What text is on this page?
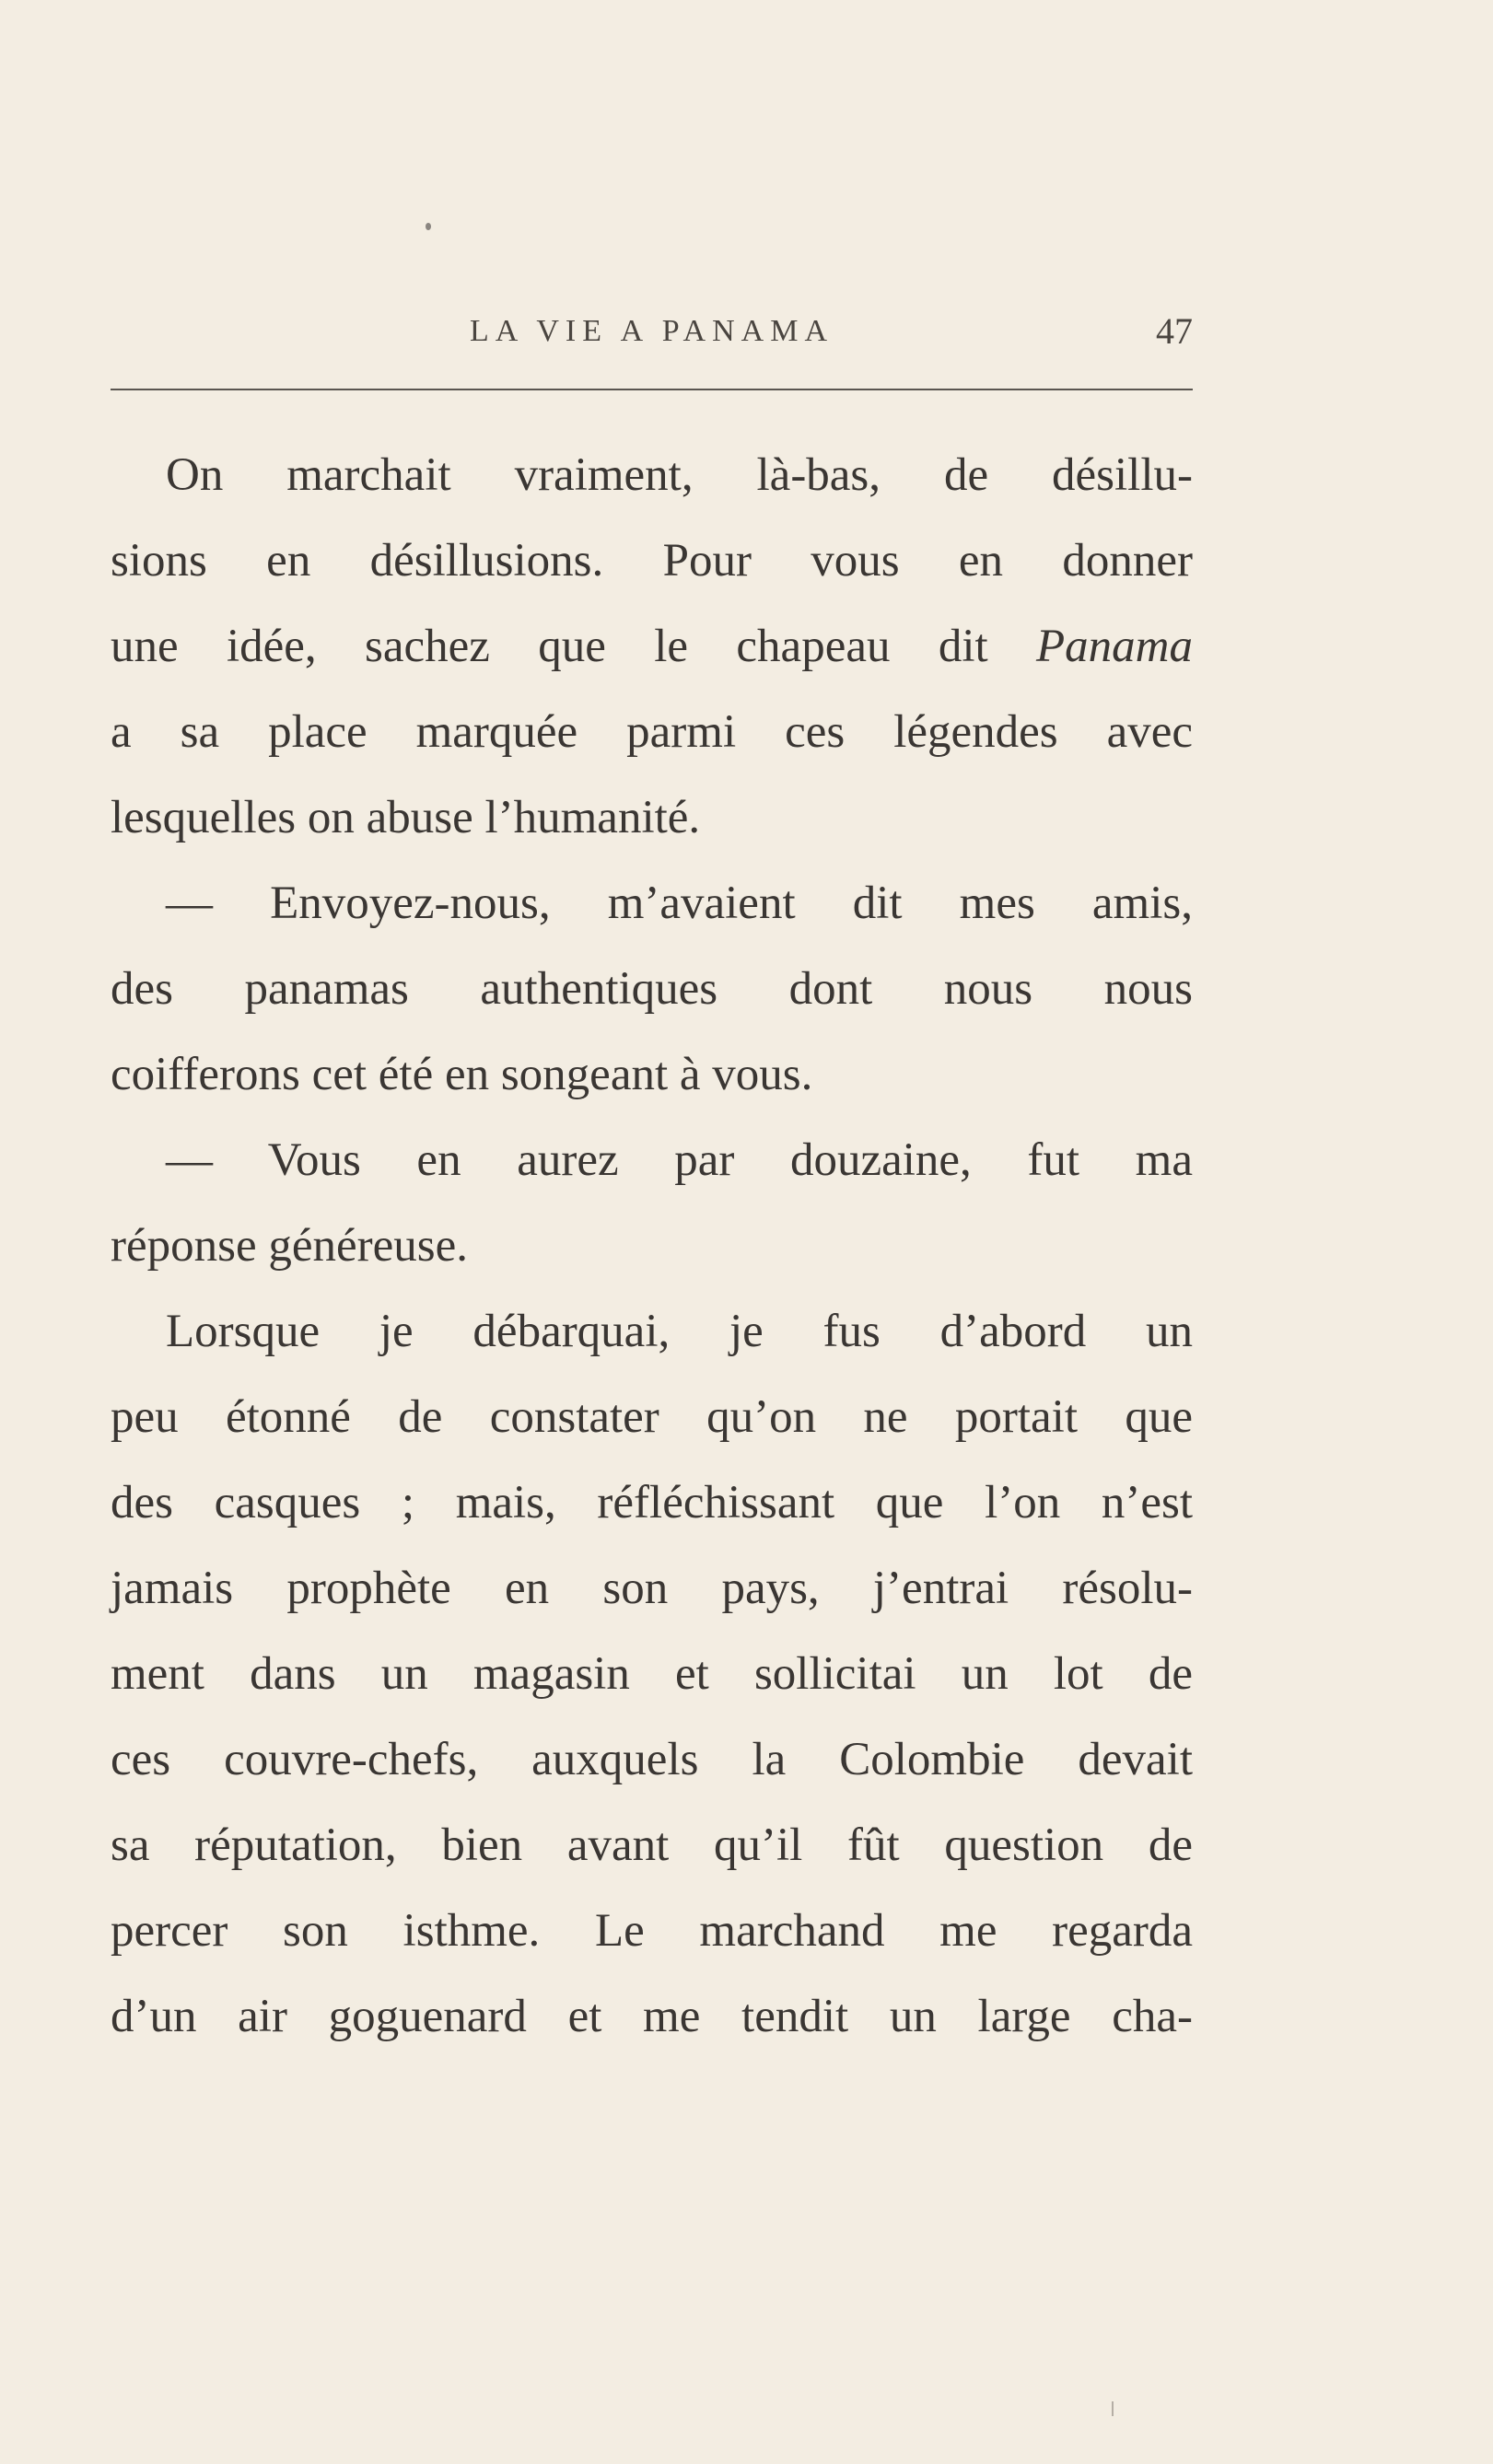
LA VIE A PANAMA	47

On marchait vraiment, là-bas, de désillu-
sions en désillusions. Pour vous en donner
une idée, sachez que le chapeau dit Panama
a sa place marquée parmi ces légendes avec
lesquelles on abuse l’humanité.

— Envoyez-nous, m’avaient dit mes amis,
des panamas authentiques dont nous nous
coifferons cet été en songeant à vous.

— Vous en aurez par douzaine, fut ma
réponse généreuse.

Lorsque je débarquai, je fus d’abord un
peu étonné de constater qu’on ne portait que
des casques ; mais, réfléchissant que l’on n’est
jamais prophète en son pays, j’entrai résolu-
ment dans un magasin et sollicitai un lot de
ces couvre-chefs, auxquels la Colombie devait
sa réputation, bien avant qu’il fût question de
percer son isthme. Le marchand me regarda
d’un air goguenard et me tendit un large cha-
